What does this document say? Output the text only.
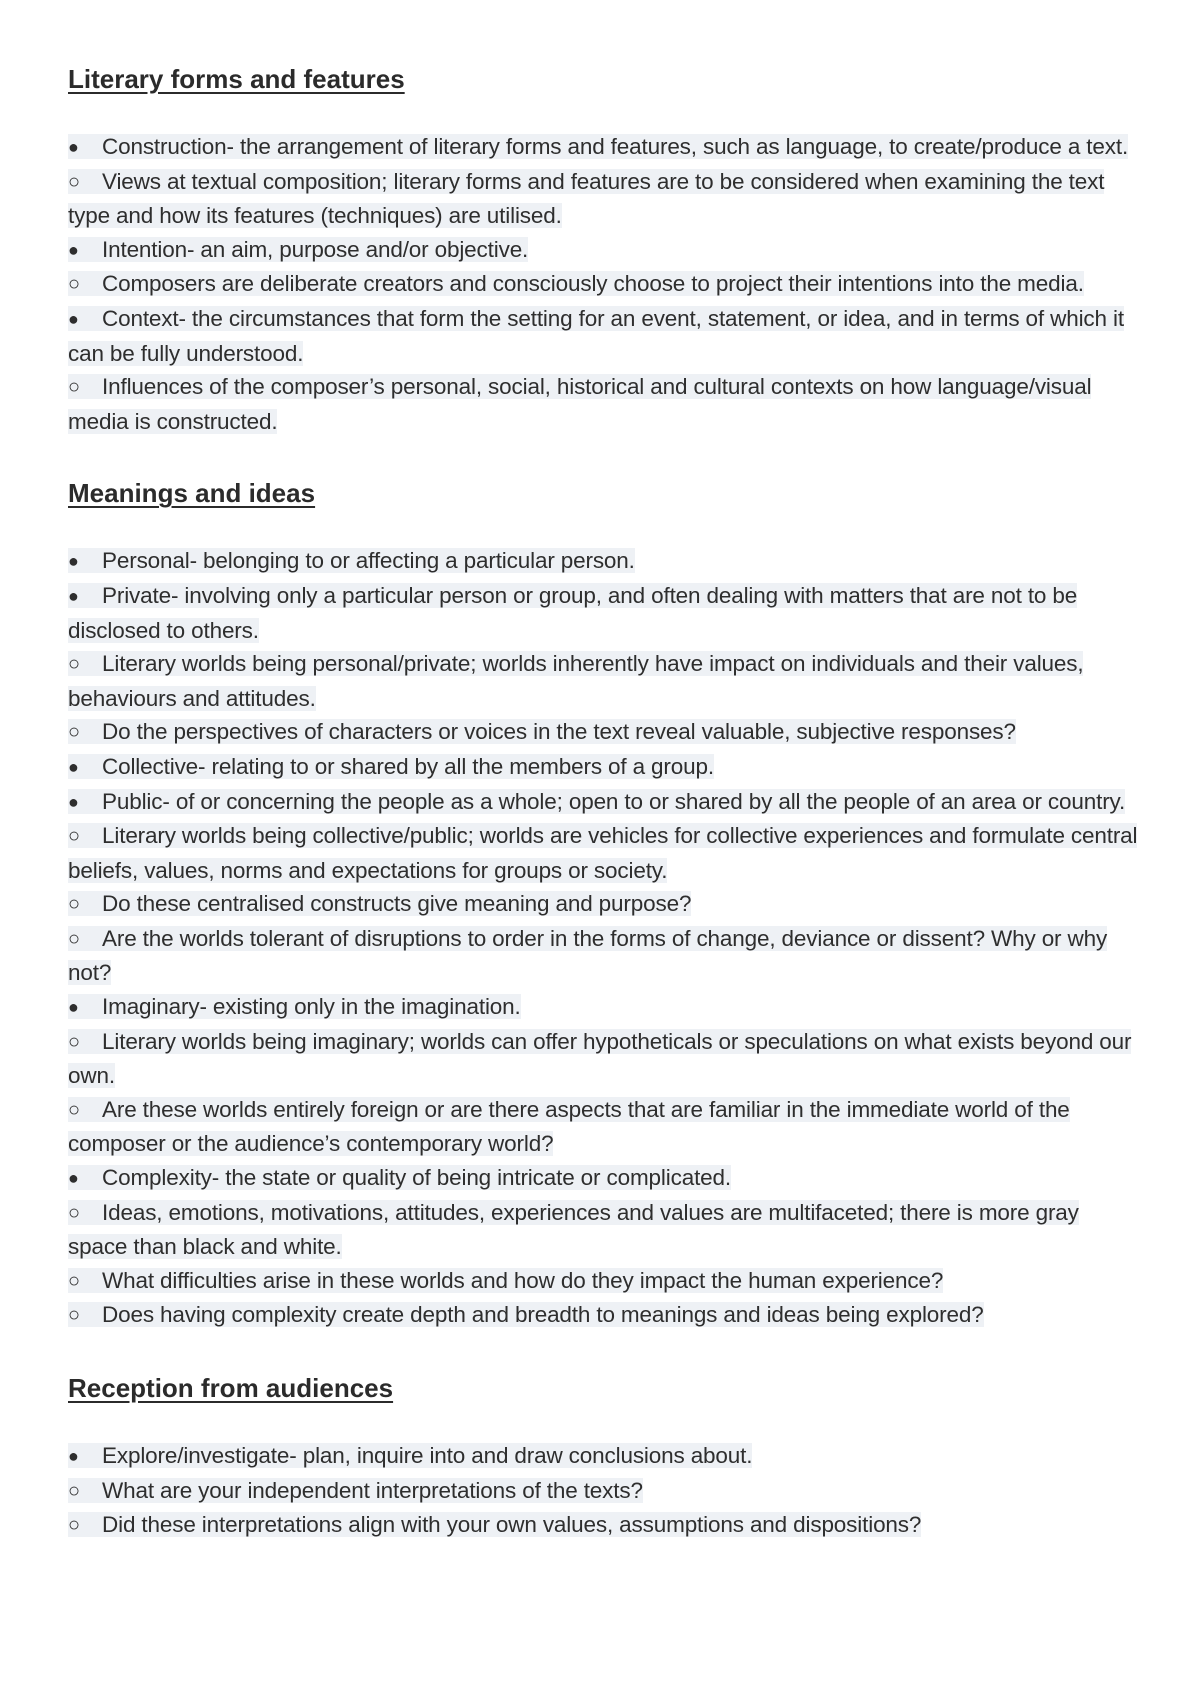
Literary forms and features
● Construction- the arrangement of literary forms and features, such as language, to create/produce a text.
○ Views at textual composition; literary forms and features are to be considered when examining the text type and how its features (techniques) are utilised.
● Intention- an aim, purpose and/or objective.
○ Composers are deliberate creators and consciously choose to project their intentions into the media.
● Context- the circumstances that form the setting for an event, statement, or idea, and in terms of which it can be fully understood.
○ Influences of the composer’s personal, social, historical and cultural contexts on how language/visual media is constructed.
Meanings and ideas
● Personal- belonging to or affecting a particular person.
● Private- involving only a particular person or group, and often dealing with matters that are not to be disclosed to others.
○ Literary worlds being personal/private; worlds inherently have impact on individuals and their values, behaviours and attitudes.
○ Do the perspectives of characters or voices in the text reveal valuable, subjective responses?
● Collective- relating to or shared by all the members of a group.
● Public- of or concerning the people as a whole; open to or shared by all the people of an area or country.
○ Literary worlds being collective/public; worlds are vehicles for collective experiences and formulate central beliefs, values, norms and expectations for groups or society.
○ Do these centralised constructs give meaning and purpose?
○ Are the worlds tolerant of disruptions to order in the forms of change, deviance or dissent? Why or why not?
● Imaginary- existing only in the imagination.
○ Literary worlds being imaginary; worlds can offer hypotheticals or speculations on what exists beyond our own.
○ Are these worlds entirely foreign or are there aspects that are familiar in the immediate world of the composer or the audience’s contemporary world?
● Complexity- the state or quality of being intricate or complicated.
○ Ideas, emotions, motivations, attitudes, experiences and values are multifaceted; there is more gray space than black and white.
○ What difficulties arise in these worlds and how do they impact the human experience?
○ Does having complexity create depth and breadth to meanings and ideas being explored?
Reception from audiences
● Explore/investigate- plan, inquire into and draw conclusions about.
○ What are your independent interpretations of the texts?
○ Did these interpretations align with your own values, assumptions and dispositions?
